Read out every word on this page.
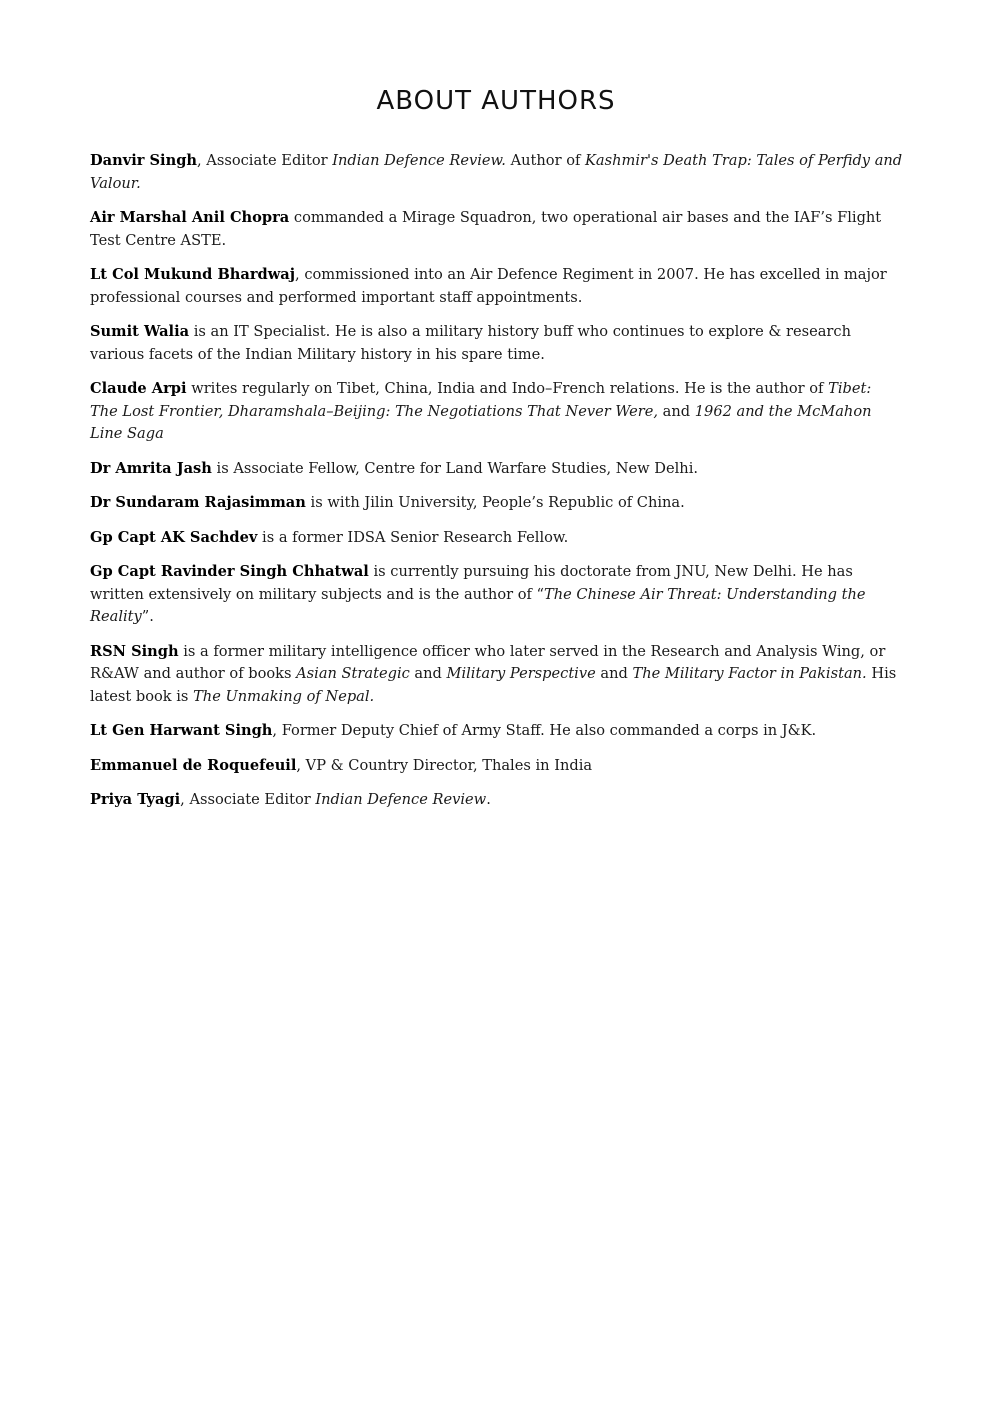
ABOUT AUTHORS

Danvir Singh, Associate Editor Indian Defence Review. Author of Kashmir's Death Trap: Tales of Perfidy and Valour.

Air Marshal Anil Chopra commanded a Mirage Squadron, two operational air bases and the IAF’s Flight Test Centre ASTE.

Lt Col Mukund Bhardwaj, commissioned into an Air Defence Regiment in 2007. He has excelled in major professional courses and performed important staff appointments.

Sumit Walia is an IT Specialist. He is also a military history buff who continues to explore & research various facets of the Indian Military history in his spare time.

Claude Arpi writes regularly on Tibet, China, India and Indo–French relations. He is the author of Tibet: The Lost Frontier, Dharamshala–Beijing: The Negotiations That Never Were, and 1962 and the McMahon Line Saga

Dr Amrita Jash is Associate Fellow, Centre for Land Warfare Studies, New Delhi.

Dr Sundaram Rajasimman is with Jilin University, People’s Republic of China.

Gp Capt AK Sachdev is a former IDSA Senior Research Fellow.

Gp Capt Ravinder Singh Chhatwal is currently pursuing his doctorate from JNU, New Delhi. He has written extensively on military subjects and is the author of “The Chinese Air Threat: Understanding the Reality”.

RSN Singh is a former military intelligence officer who later served in the Research and Analysis Wing, or R&AW and author of books Asian Strategic and Military Perspective and The Military Factor in Pakistan. His latest book is The Unmaking of Nepal.

Lt Gen Harwant Singh, Former Deputy Chief of Army Staff. He also commanded a corps in J&K.

Emmanuel de Roquefeuil, VP & Country Director, Thales in India

Priya Tyagi, Associate Editor Indian Defence Review.
